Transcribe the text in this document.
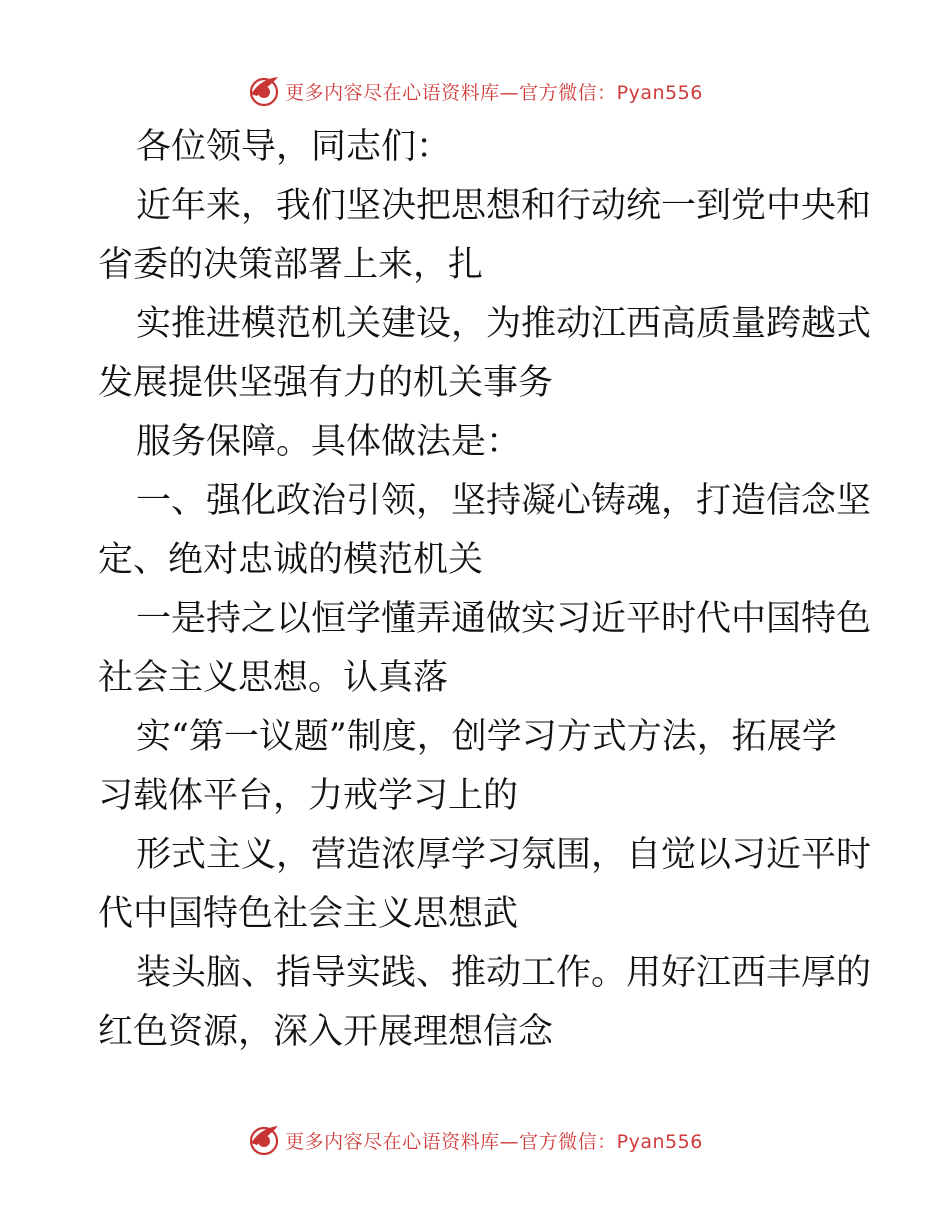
更多内容尽在心语资料库—官方微信：Pyan556
各位领导，同志们：
近年来，我们坚决把思想和行动统一到党中央和
省委的决策部署上来，扎
实推进模范机关建设，为推动江西高质量跨越式
发展提供坚强有力的机关事务
服务保障。具体做法是：
一、强化政治引领，坚持凝心铸魂，打造信念坚
定、绝对忠诚的模范机关
一是持之以恒学懂弄通做实习近平时代中国特色
社会主义思想。认真落
实“第一议题”制度，创学习方式方法，拓展学
习载体平台，力戒学习上的
形式主义，营造浓厚学习氛围，自觉以习近平时
代中国特色社会主义思想武
装头脑、指导实践、推动工作。用好江西丰厚的
红色资源，深入开展理想信念
更多内容尽在心语资料库—官方微信：Pyan556
